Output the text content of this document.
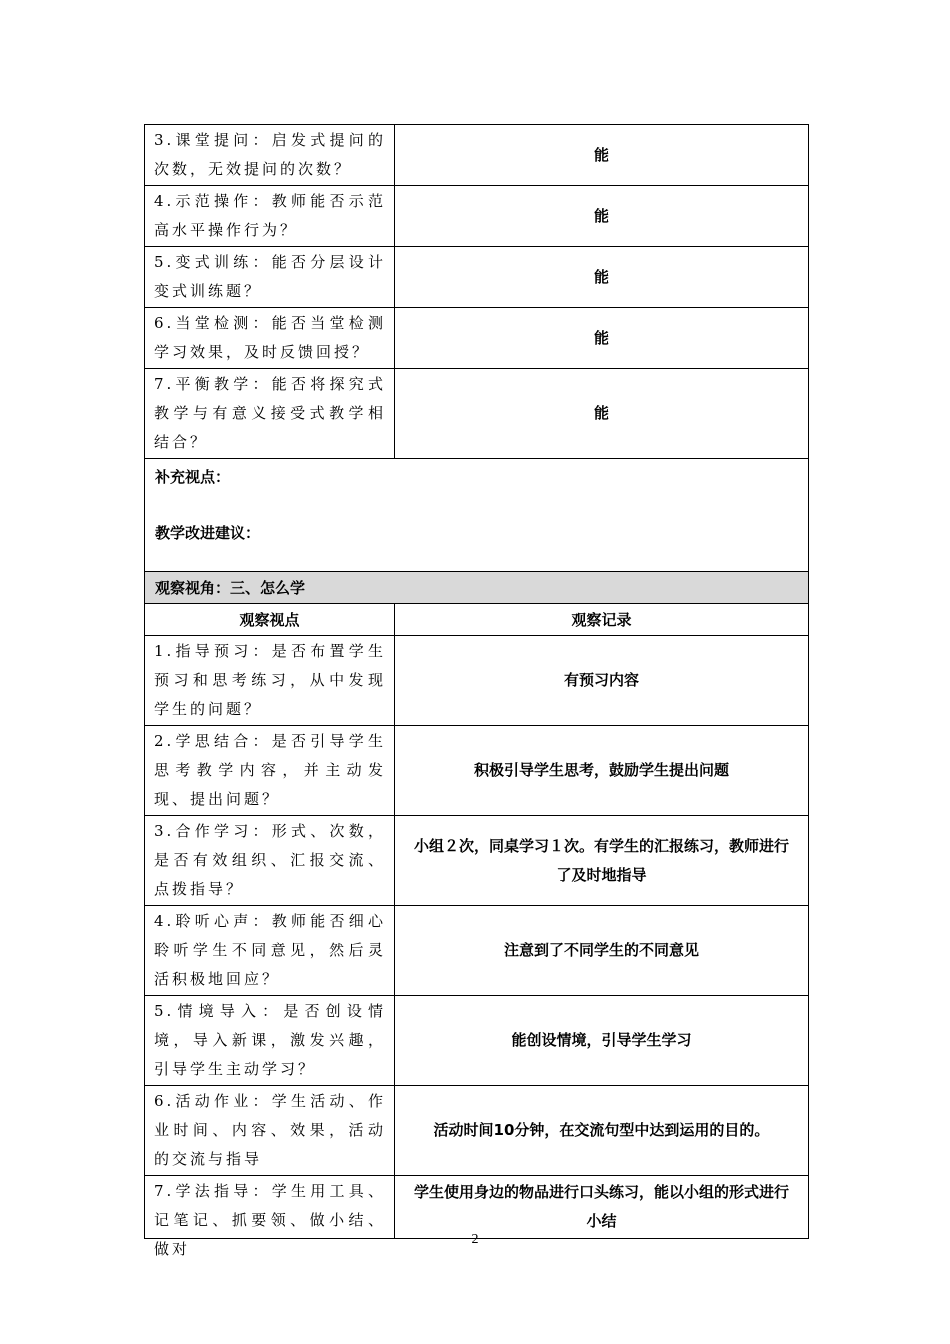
3.课堂提问：启发式提问的次数，无效提问的次数？	能
4.示范操作：教师能否示范高水平操作行为？	能
5.变式训练：能否分层设计变式训练题？	能
6.当堂检测：能否当堂检测学习效果，及时反馈回授？	能
7.平衡教学：能否将探究式教学与有意义接受式教学相结合？	能

补充视点：
教学改进建议：	

观察视角：三、怎么学	
观察视点	观察记录
1.指导预习：是否布置学生预习和思考练习，从中发现学生的问题？	有预习内容
2.学思结合：是否引导学生思考教学内容，并主动发现、提出问题？	积极引导学生思考，鼓励学生提出问题
3.合作学习：形式、次数，是否有效组织、汇报交流、点拨指导？	小组２次，同桌学习１次。有学生的汇报练习，教师进行了及时地指导
4.聆听心声：教师能否细心聆听学生不同意见，然后灵活积极地回应？	注意到了不同学生的不同意见
5.情境导入：是否创设情境，导入新课，激发兴趣，引导学生主动学习？	能创设情境，引导学生学习
6.活动作业：学生活动、作业时间、内容、效果，活动的交流与指导	活动时间10分钟，在交流句型中达到运用的目的。

7.学法指导：学生用工具、记笔记、抓要领、做小结、做对	学生使用身边的物品进行口头练习，能以小组的形式进行小结
2
